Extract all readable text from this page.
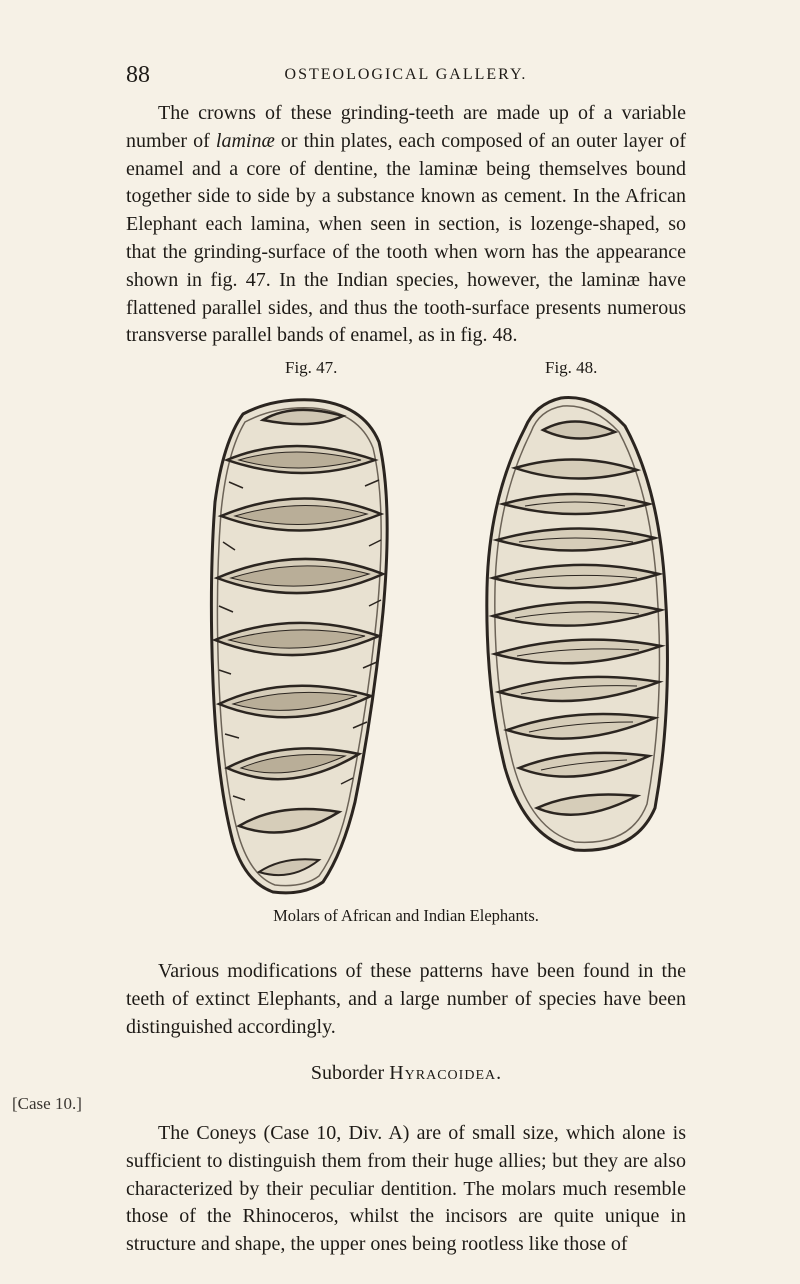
88	OSTEOLOGICAL GALLERY.

The crowns of these grinding-teeth are made up of a variable number of laminæ or thin plates, each composed of an outer layer of enamel and a core of dentine, the laminæ being themselves bound together side to side by a substance known as cement. In the African Elephant each lamina, when seen in section, is lozenge-shaped, so that the grinding-surface of the tooth when worn has the appearance shown in fig. 47. In the Indian species, however, the laminæ have flattened parallel sides, and thus the tooth-surface presents numerous transverse parallel bands of enamel, as in fig. 48.

Fig. 47.	Fig. 48.
Molars of African and Indian Elephants.

Various modifications of these patterns have been found in the teeth of extinct Elephants, and a large number of species have been distinguished accordingly.

Suborder Hyracoidea.
[Case 10.]

The Coneys (Case 10, Div. A) are of small size, which alone is sufficient to distinguish them from their huge allies; but they are also characterized by their peculiar dentition. The molars much resemble those of the Rhinoceros, whilst the incisors are quite unique in structure and shape, the upper ones being rootless like those of
